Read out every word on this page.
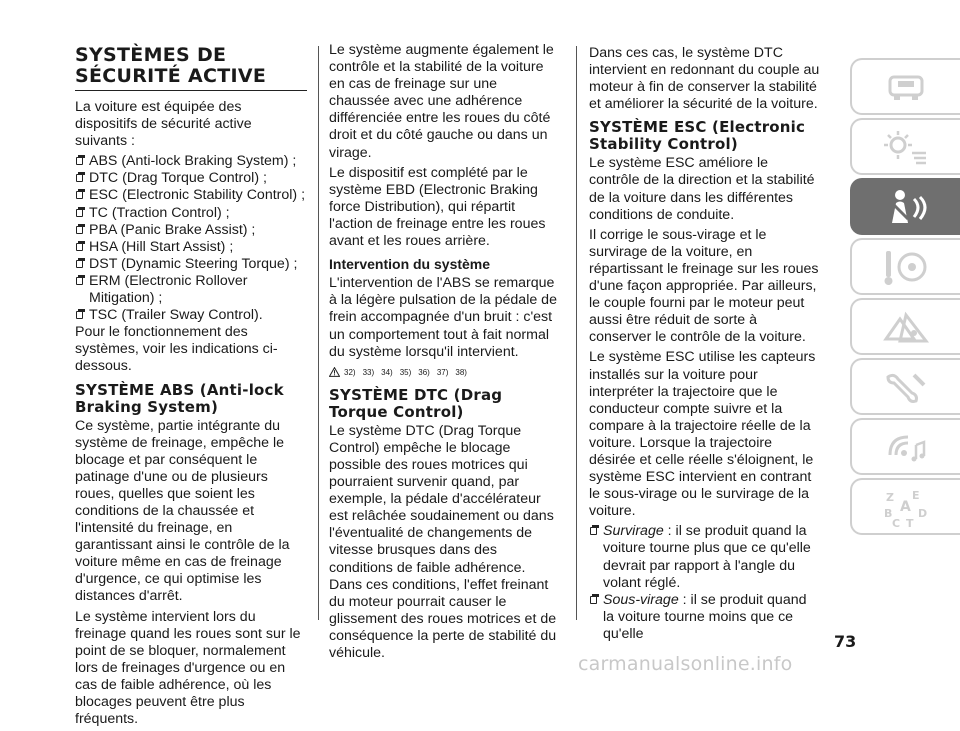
SYSTÈMES DE SÉCURITÉ ACTIVE

La voiture est équipée des dispositifs de sécurité active suivants :

ABS (Anti-lock Braking System) ;
DTC (Drag Torque Control) ;
ESC (Electronic Stability Control) ;
TC (Traction Control) ;
PBA (Panic Brake Assist) ;
HSA (Hill Start Assist) ;
DST (Dynamic Steering Torque) ;
ERM (Electronic Rollover Mitigation) ;
TSC (Trailer Sway Control).

Pour le fonctionnement des systèmes, voir les indications ci-dessous.

SYSTÈME ABS (Anti-lock Braking System)

Ce système, partie intégrante du système de freinage, empêche le blocage et par conséquent le patinage d'une ou de plusieurs roues, quelles que soient les conditions de la chaussée et l'intensité du freinage, en garantissant ainsi le contrôle de la voiture même en cas de freinage d'urgence, ce qui optimise les distances d'arrêt.

Le système intervient lors du freinage quand les roues sont sur le point de se bloquer, normalement lors de freinages d'urgence ou en cas de faible adhérence, où les blocages peuvent être plus fréquents.

Le système augmente également le contrôle et la stabilité de la voiture en cas de freinage sur une chaussée avec une adhérence différenciée entre les roues du côté droit et du côté gauche ou dans un virage.

Le dispositif est complété par le système EBD (Electronic Braking force Distribution), qui répartit l'action de freinage entre les roues avant et les roues arrière.

Intervention du système

L'intervention de l'ABS se remarque à la légère pulsation de la pédale de frein accompagnée d'un bruit : c'est un comportement tout à fait normal du système lorsqu'il intervient.

32) 33) 34) 35) 36) 37) 38)
SYSTÈME DTC (Drag Torque Control)

Le système DTC (Drag Torque Control) empêche le blocage possible des roues motrices qui pourraient survenir quand, par exemple, la pédale d'accélérateur est relâchée soudainement ou dans l'éventualité de changements de vitesse brusques dans des conditions de faible adhérence. Dans ces conditions, l'effet freinant du moteur pourrait causer le glissement des roues motrices et de conséquence la perte de stabilité du véhicule.

Dans ces cas, le système DTC intervient en redonnant du couple au moteur à fin de conserver la stabilité et améliorer la sécurité de la voiture.

SYSTÈME ESC (Electronic Stability Control)

Le système ESC améliore le contrôle de la direction et la stabilité de la voiture dans les différentes conditions de conduite.

Il corrige le sous-virage et le survirage de la voiture, en répartissant le freinage sur les roues d'une façon appropriée. Par ailleurs, le couple fourni par le moteur peut aussi être réduit de sorte à conserver le contrôle de la voiture.

Le système ESC utilise les capteurs installés sur la voiture pour interpréter la trajectoire que le conducteur compte suivre et la compare à la trajectoire réelle de la voiture. Lorsque la trajectoire désirée et celle réelle s'éloignent, le système ESC intervient en contrant le sous-virage ou le survirage de la voiture.

Survirage : il se produit quand la voiture tourne plus que ce qu'elle devrait par rapport à l'angle du volant réglé.
Sous-virage : il se produit quand la voiture tourne moins que ce qu'elle
Z E
A
B D
C T
73
carmanualsonline.info
